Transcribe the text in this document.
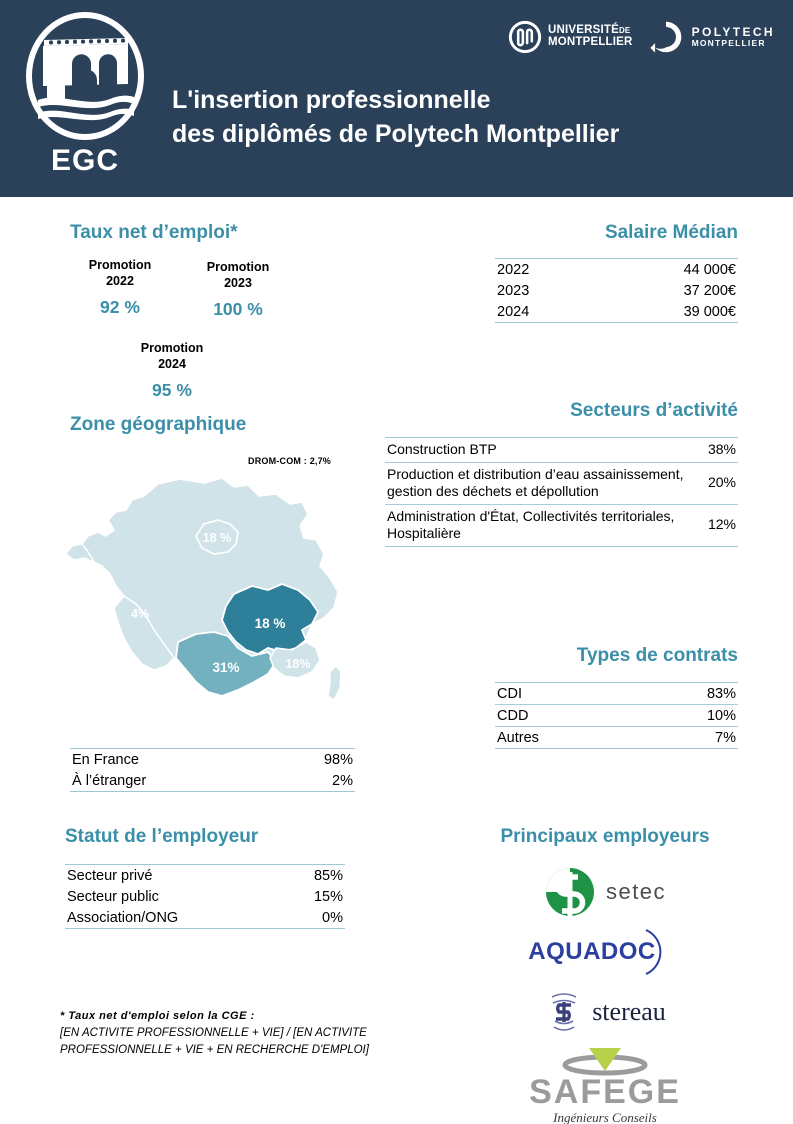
EGC
UNIVERSITÉDE
MONTPELLIER
POLYTECH
MONTPELLIER
L'insertion professionnelle
des diplômés de Polytech Montpellier
Taux net d’emploi*
Promotion
2022
92 %
Promotion
2023
100 %
Promotion
2024
95 %
Salaire Médian
2022	44 000€
2023	37 200€
2024	39 000€
Zone géographique
DROM-COM : 2,7%
18 %
4%
18 %
31%	18%
En France	98%
À l’étranger	2%
Secteurs d’activité
Construction BTP	38%
Production et distribution d’eau assainissement, gestion des déchets et dépollution	20%
Administration d'État, Collectivités territoriales, Hospitalière	12%
Types de contrats
CDI	83%
CDD	10%
Autres	7%
Statut de l’employeur
Secteur privé	85%
Secteur public	15%
Association/ONG	0%
Principaux employeurs
setec
AQUADOC
stereau
SAFEGE
Ingénieurs Conseils
* Taux net d'emploi selon la CGE :
[EN ACTIVITE PROFESSIONNELLE + VIE] / [EN ACTIVITE PROFESSIONNELLE + VIE + EN RECHERCHE D'EMPLOI]
